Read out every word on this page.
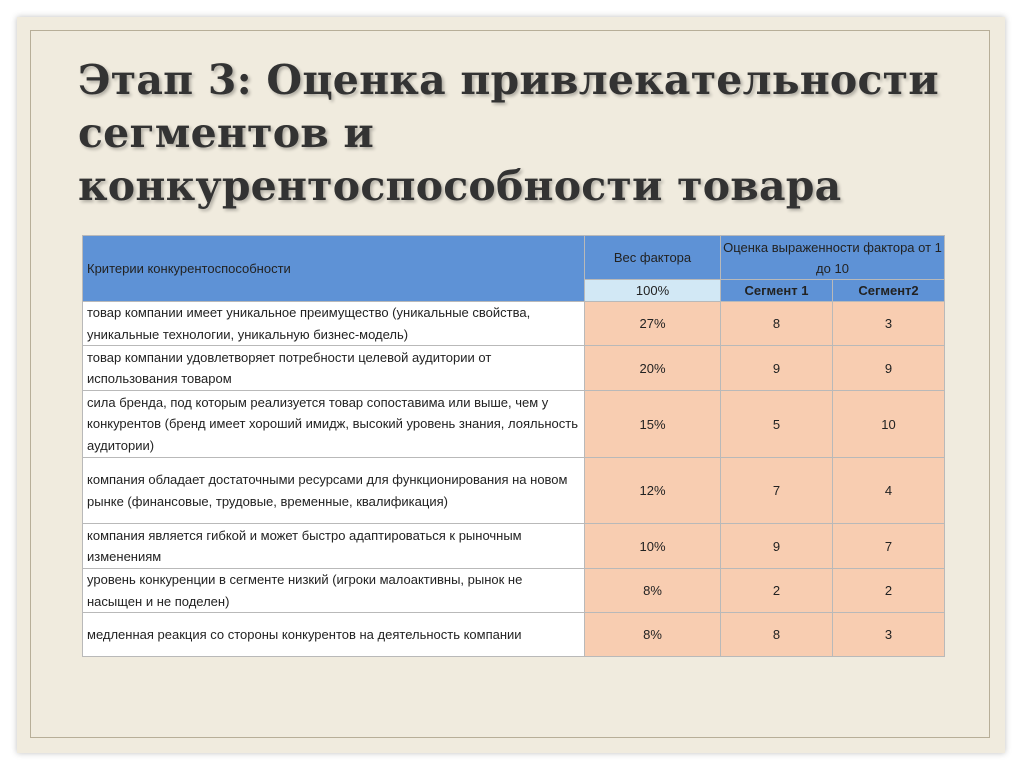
Этап 3: Оценка привлекательности
сегментов и
конкурентоспособности товара
Критерии конкурентоспособности	Вес фактора	Оценка выраженности фактора от 1 до 10	
	100%	Сегмент 1	Сегмент2
товар компании имеет уникальное преимущество (уникальные свойства, уникальные технологии, уникальную бизнес-модель)	27%	8	3
товар компании удовлетворяет потребности целевой аудитории от использования товаром	20%	9	9
сила бренда, под которым реализуется товар сопоставима или выше, чем у конкурентов (бренд имеет хороший имидж, высокий уровень знания, лояльность аудитории)	15%	5	10
компания обладает достаточными ресурсами для функционирования на новом рынке (финансовые, трудовые, временные, квалификация)	12%	7	4
компания является гибкой и может быстро адаптироваться к рыночным изменениям	10%	9	7
уровень конкуренции в сегменте низкий (игроки малоактивны, рынок не насыщен и не поделен)	8%	2	2
медленная реакция со стороны конкурентов на деятельность компании	8%	8	3
